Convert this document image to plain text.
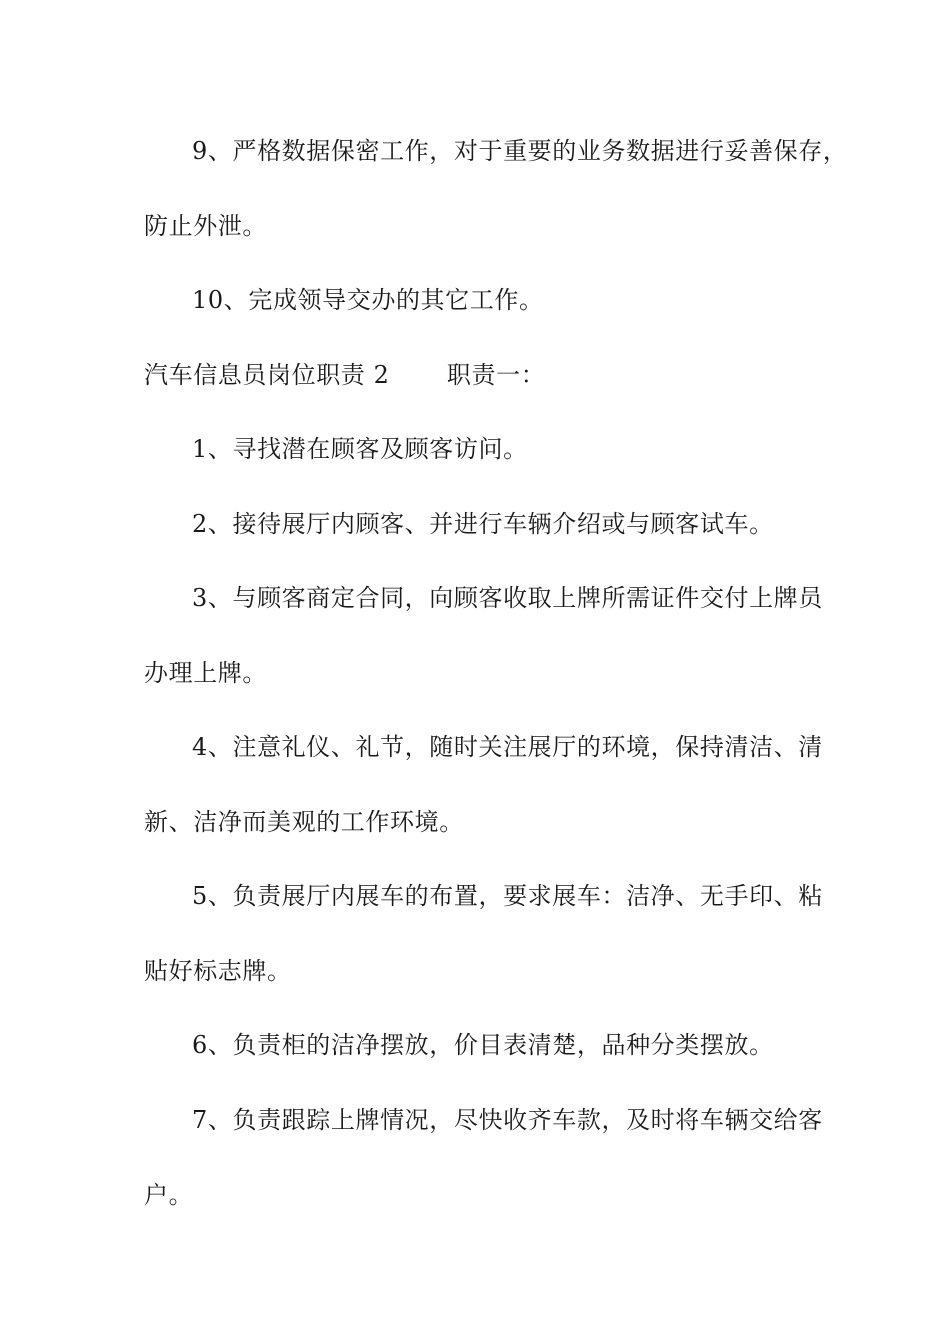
9、严格数据保密工作，对于重要的业务数据进行妥善保存，
防止外泄。
10、完成领导交办的其它工作。
汽车信息员岗位职责 2　　 职责一：
1、寻找潜在顾客及顾客访问。
2、接待展厅内顾客、并进行车辆介绍或与顾客试车。
3、与顾客商定合同，向顾客收取上牌所需证件交付上牌员
办理上牌。
4、注意礼仪、礼节，随时关注展厅的环境，保持清洁、清
新、洁净而美观的工作环境。
5、负责展厅内展车的布置，要求展车：洁净、无手印、粘
贴好标志牌。
6、负责柜的洁净摆放，价目表清楚，品种分类摆放。
7、负责跟踪上牌情况，尽快收齐车款，及时将车辆交给客
户。
